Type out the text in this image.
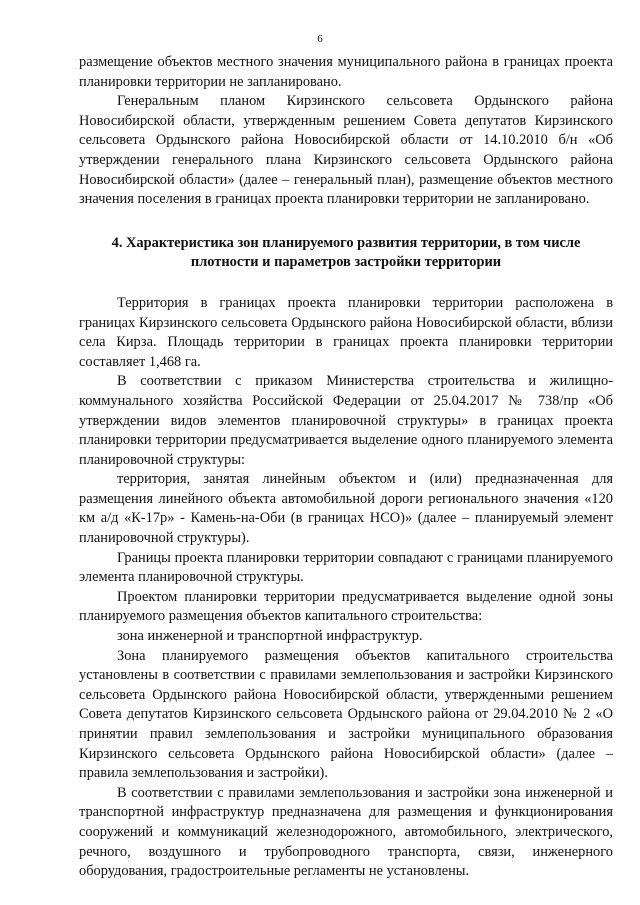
6

размещение объектов местного значения муниципального района в границах проекта планировки территории не запланировано.

Генеральным планом Кирзинского сельсовета Ордынского района Новосибирской области, утвержденным решением Совета депутатов Кирзинского сельсовета Ордынского района Новосибирской области от 14.10.2010 б/н «Об утверждении генерального плана Кирзинского сельсовета Ордынского района Новосибирской области» (далее – генеральный план), размещение объектов местного значения поселения в границах проекта планировки территории не запланировано.

4. Характеристика зон планируемого развития территории, в том числе плотности и параметров застройки территории

Территория в границах проекта планировки территории расположена в границах Кирзинского сельсовета Ордынского района Новосибирской области, вблизи села Кирза. Площадь территории в границах проекта планировки территории составляет 1,468 га.

В соответствии с приказом Министерства строительства и жилищно-коммунального хозяйства Российской Федерации от 25.04.2017 № 738/пр «Об утверждении видов элементов планировочной структуры» в границах проекта планировки территории предусматривается выделение одного планируемого элемента планировочной структуры:

территория, занятая линейным объектом и (или) предназначенная для размещения линейного объекта автомобильной дороги регионального значения «120 км а/д «К-17р» - Камень-на-Оби (в границах НСО)» (далее – планируемый элемент планировочной структуры).

Границы проекта планировки территории совпадают с границами планируемого элемента планировочной структуры.

Проектом планировки территории предусматривается выделение одной зоны планируемого размещения объектов капитального строительства:

зона инженерной и транспортной инфраструктур.

Зона планируемого размещения объектов капитального строительства установлены в соответствии с правилами землепользования и застройки Кирзинского сельсовета Ордынского района Новосибирской области, утвержденными решением Совета депутатов Кирзинского сельсовета Ордынского района от 29.04.2010 № 2 «О принятии правил землепользования и застройки муниципального образования Кирзинского сельсовета Ордынского района Новосибирской области» (далее – правила землепользования и застройки).

В соответствии с правилами землепользования и застройки зона инженерной и транспортной инфраструктур предназначена для размещения и функционирования сооружений и коммуникаций железнодорожного, автомобильного, электрического, речного, воздушного и трубопроводного транспорта, связи, инженерного оборудования, градостроительные регламенты не установлены.
